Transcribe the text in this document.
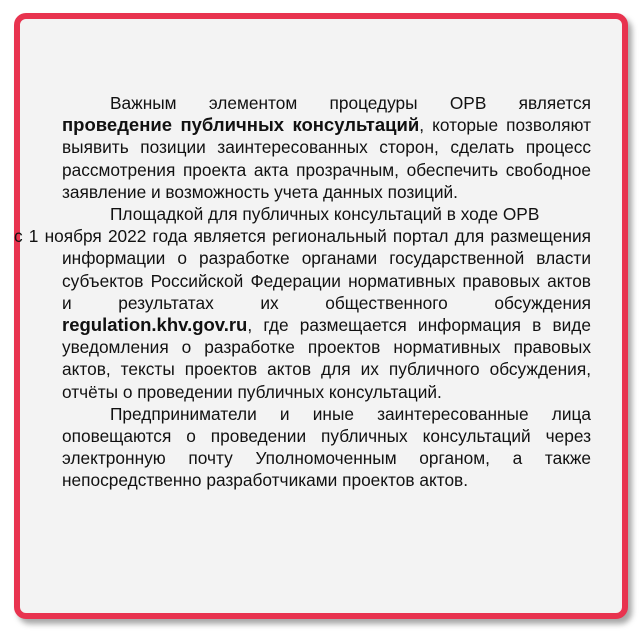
Важным элементом процедуры ОРВ является проведение публичных консультаций, которые позволяют выявить позиции заинтересованных сторон, сделать процесс рассмотрения проекта акта прозрачным, обеспечить свободное заявление и возможность учета данных позиций.

Площадкой для публичных консультаций в ходе ОРВ
с 1 ноября 2022 года является региональный портал для размещения информации о разработке органами государственной власти субъектов Российской Федерации нормативных правовых актов и результатах их общественного обсуждения regulation.khv.gov.ru, где размещается информация в виде уведомления о разработке проектов нормативных правовых актов, тексты проектов актов для их публичного обсуждения, отчёты о проведении публичных консультаций.

Предприниматели и иные заинтересованные лица оповещаются о проведении публичных консультаций через электронную почту Уполномоченным органом, а также непосредственно разработчиками проектов актов.
